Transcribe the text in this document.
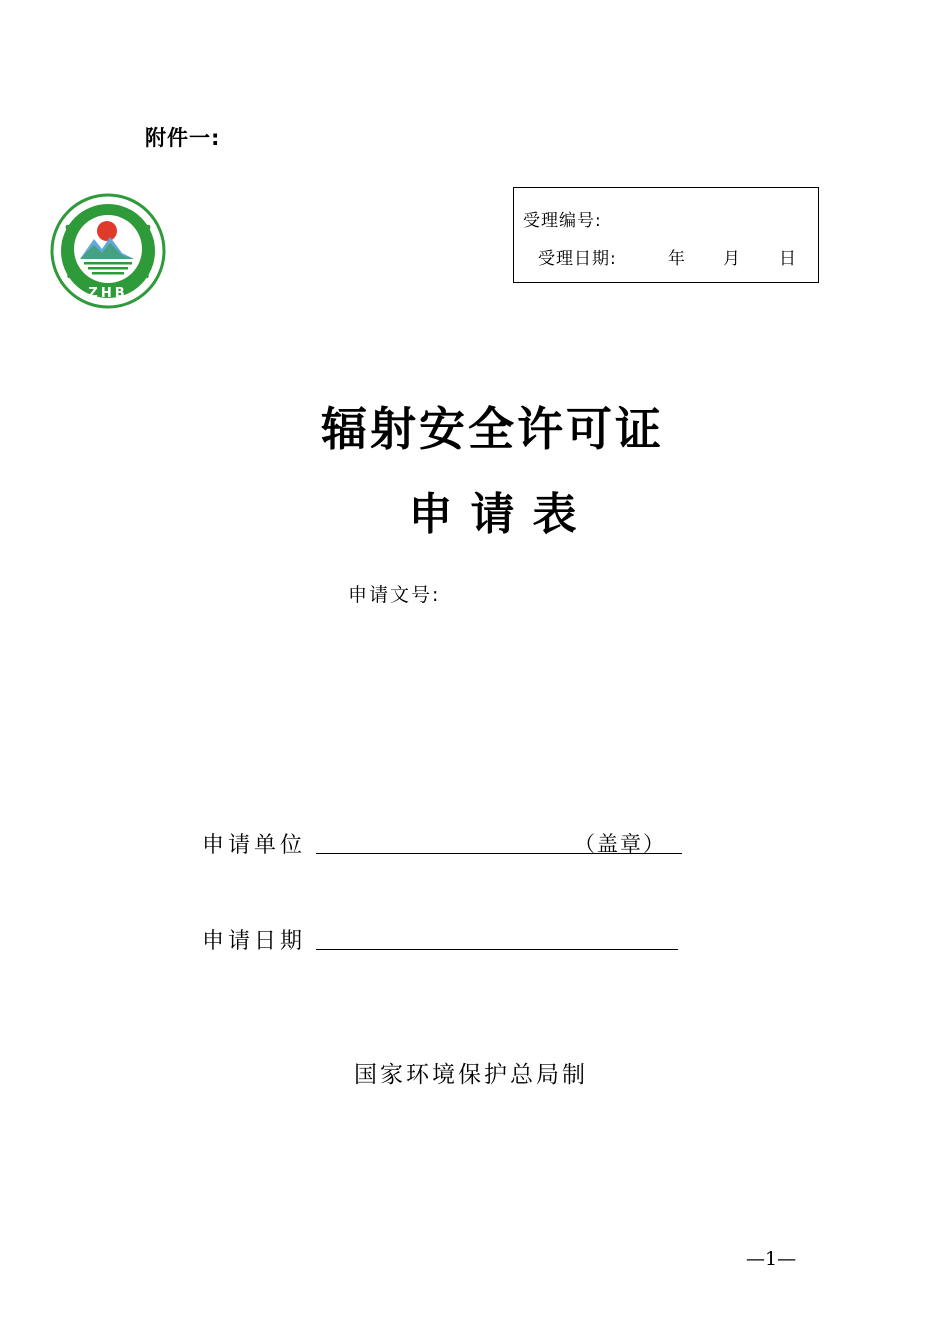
附件一:
ZHB
受理编号:
受理日期:	年 月 日
辐射安全许可证
申 请 表
申请文号:
申请单位	（盖章）
申请日期
国家环境保护总局制
—1—
